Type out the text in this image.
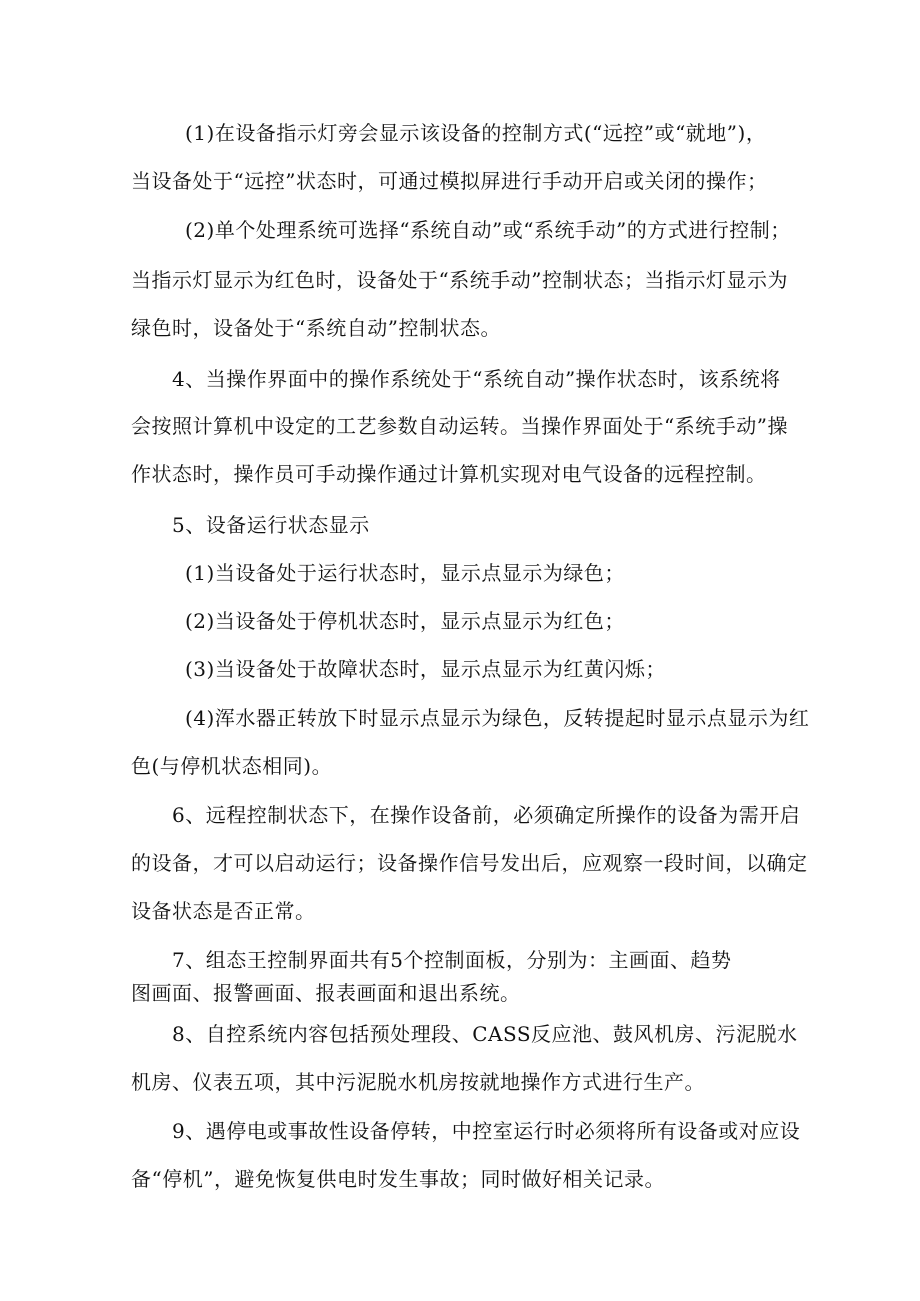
(1)在设备指示灯旁会显示该设备的控制方式(“远控”或“就地”)，
当设备处于“远控”状态时，可通过模拟屏进行手动开启或关闭的操作；
(2)单个处理系统可选择“系统自动”或“系统手动”的方式进行控制；
当指示灯显示为红色时，设备处于“系统手动”控制状态；当指示灯显示为
绿色时，设备处于“系统自动”控制状态。
4、当操作界面中的操作系统处于“系统自动”操作状态时，该系统将
会按照计算机中设定的工艺参数自动运转。当操作界面处于“系统手动”操
作状态时，操作员可手动操作通过计算机实现对电气设备的远程控制。
5、设备运行状态显示
(1)当设备处于运行状态时，显示点显示为绿色；
(2)当设备处于停机状态时，显示点显示为红色；
(3)当设备处于故障状态时，显示点显示为红黄闪烁；
(4)浑水器正转放下时显示点显示为绿色，反转提起时显示点显示为红
色(与停机状态相同)。
6、远程控制状态下，在操作设备前，必须确定所操作的设备为需开启
的设备，才可以启动运行；设备操作信号发出后，应观察一段时间，以确定
设备状态是否正常。
7、组态王控制界面共有5个控制面板，分别为：主画面、趋势
图画面、报警画面、报表画面和退出系统。
8、自控系统内容包括预处理段、CASS反应池、鼓风机房、污泥脱水
机房、仪表五项，其中污泥脱水机房按就地操作方式进行生产。
9、遇停电或事故性设备停转，中控室运行时必须将所有设备或对应设
备“停机”，避免恢复供电时发生事故；同时做好相关记录。
